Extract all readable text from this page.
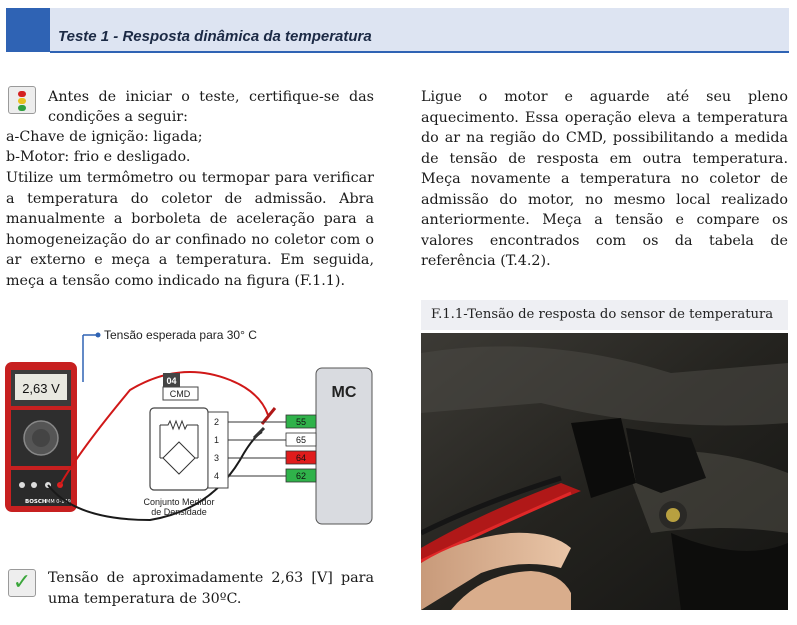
Teste 1 - Resposta dinâmica da temperatura

Antes de iniciar o teste, certifique-se das

condições a seguir:

a-Chave de ignição: ligada;

b-Motor: frio e desligado.

Utilize um termômetro ou termopar para verificar a temperatura do coletor de admissão. Abra manualmente a borboleta de aceleração para a homogeneização do ar confinado no coletor com o ar externo e meça a temperatura. Em seguida, meça a tensão como indicado na figura (F.1.1).

Ligue o motor e aguarde até seu pleno aquecimento. Essa operação eleva a temperatura do ar na região do CMD, possibilitando a medida de tensão de resposta em outra temperatura. Meça novamente a temperatura no coletor de admissão do motor, no mesmo local realizado anteriormente. Meça a tensão e compare os valores encontrados com os da tabela de referência (T.4.2).

F.1.1-Tensão de resposta do sensor de temperatura
Tensão esperada para 30° C
2,63 V
BOSCH MM 0-149
04
CMD
Conjunto Medidor
de Densidade
2
1
3
4
MC
55
65
64
62
✓	Tensão de aproximadamente 2,63 [V] para uma temperatura de 30ºC.
